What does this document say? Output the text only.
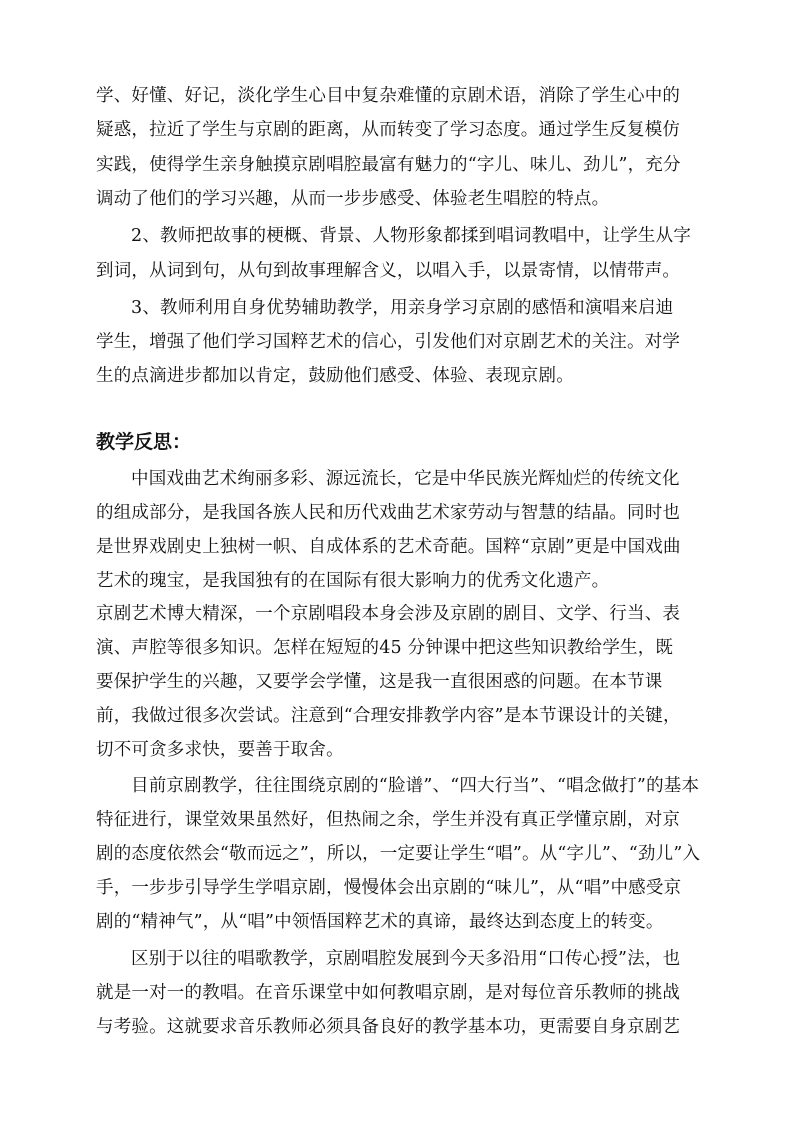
学、好懂、好记，淡化学生心目中复杂难懂的京剧术语，消除了学生心中的
疑惑，拉近了学生与京剧的距离，从而转变了学习态度。通过学生反复模仿
实践，使得学生亲身触摸京剧唱腔最富有魅力的“字儿、味儿、劲儿”，充分
调动了他们的学习兴趣，从而一步步感受、体验老生唱腔的特点。
2、教师把故事的梗概、背景、人物形象都揉到唱词教唱中，让学生从字
到词，从词到句，从句到故事理解含义，以唱入手，以景寄情，以情带声。
3、教师利用自身优势辅助教学，用亲身学习京剧的感悟和演唱来启迪
学生，增强了他们学习国粹艺术的信心，引发他们对京剧艺术的关注。对学
生的点滴进步都加以肯定，鼓励他们感受、体验、表现京剧。
教学反思：
中国戏曲艺术绚丽多彩、源远流长，它是中华民族光辉灿烂的传统文化
的组成部分，是我国各族人民和历代戏曲艺术家劳动与智慧的结晶。同时也
是世界戏剧史上独树一帜、自成体系的艺术奇葩。国粹“京剧”更是中国戏曲
艺术的瑰宝，是我国独有的在国际有很大影响力的优秀文化遗产。
京剧艺术博大精深，一个京剧唱段本身会涉及京剧的剧目、文学、行当、表
演、声腔等很多知识。怎样在短短的45 分钟课中把这些知识教给学生，既
要保护学生的兴趣，又要学会学懂，这是我一直很困惑的问题。在本节课
前，我做过很多次尝试。注意到“合理安排教学内容”是本节课设计的关键，
切不可贪多求快，要善于取舍。
目前京剧教学，往往围绕京剧的“脸谱”、“四大行当”、“唱念做打”的基本
特征进行，课堂效果虽然好，但热闹之余，学生并没有真正学懂京剧，对京
剧的态度依然会“敬而远之”，所以，一定要让学生“唱”。从“字儿”、“劲儿”入
手，一步步引导学生学唱京剧，慢慢体会出京剧的“味儿”，从“唱”中感受京
剧的“精神气”，从“唱”中领悟国粹艺术的真谛，最终达到态度上的转变。
区别于以往的唱歌教学，京剧唱腔发展到今天多沿用“口传心授”法，也
就是一对一的教唱。在音乐课堂中如何教唱京剧，是对每位音乐教师的挑战
与考验。这就要求音乐教师必须具备良好的教学基本功，更需要自身京剧艺
